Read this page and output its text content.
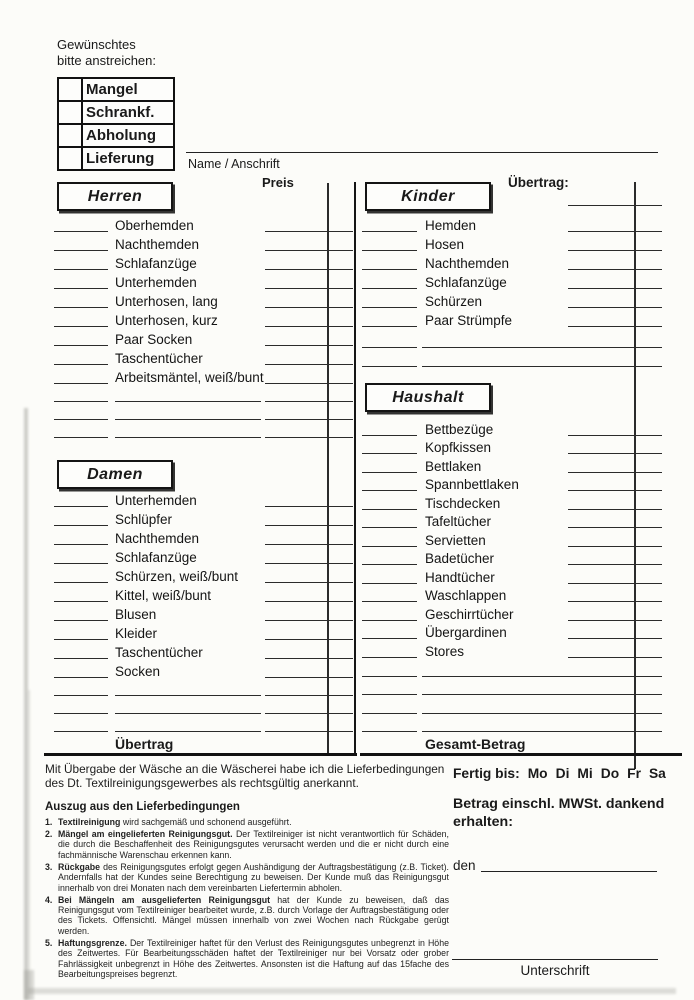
Gewünschtes
bitte anstreichen:
Mangel
Schrankf.
Abholung
Lieferung	Name / Anschrift
Herren
Damen
Kinder
Haushalt
Preis	Übertrag:
Oberhemden
Nachthemden
Schlafanzüge
Unterhemden
Unterhosen, lang
Unterhosen, kurz
Paar Socken
Taschentücher
Arbeitsmäntel, weiß/bunt
Unterhemden
Schlüpfer
Nachthemden
Schlafanzüge
Schürzen, weiß/bunt
Kittel, weiß/bunt
Blusen
Kleider
Taschentücher
Socken
Hemden
Hosen
Nachthemden
Schlafanzüge
Schürzen
Paar Strümpfe
Bettbezüge
Kopfkissen
Bettlaken
Spannbettlaken
Tischdecken
Tafeltücher
Servietten
Badetücher
Handtücher
Waschlappen
Geschirrtücher
Übergardinen
Stores
Übertrag	Gesamt-Betrag
Mit Übergabe der Wäsche an die Wäscherei habe ich die Lieferbedingungen des Dt. Textilreinigungsgewerbes als rechtsgültig anerkannt.
Auszug aus den Lieferbedingungen
1. Textilreinigung wird sachgemäß und schonend ausgeführt.
2. Mängel am eingelieferten Reinigungsgut. Der Textilreiniger ist nicht verantwortlich für Schäden, die durch die Beschaffenheit des Reinigungsgutes verursacht werden und die er nicht durch eine fachmännische Warenschau erkennen kann.
3. Rückgabe des Reinigungsgutes erfolgt gegen Aushändigung der Auftragsbestätigung (z.B. Ticket). Andernfalls hat der Kundes seine Berechtigung zu beweisen. Der Kunde muß das Reinigungsgut innerhalb von drei Monaten nach dem vereinbarten Liefertermin abholen.
4. Bei Mängeln am ausgelieferten Reinigungsgut hat der Kunde zu beweisen, daß das Reinigungsgut vom Textilreiniger bearbeitet wurde, z.B. durch Vorlage der Auftragsbestätigung oder des Tickets. Offensichtl. Mängel müssen innerhalb von zwei Wochen nach Rückgabe gerügt werden.
5. Haftungsgrenze. Der Textilreiniger haftet für den Verlust des Reinigungsgutes unbegrenzt in Höhe des Zeitwertes. Für Bearbeitungsschäden haftet der Textilreiniger nur bei Vorsatz oder grober Fahrlässigkeit unbegrenzt in Höhe des Zeitwertes. Ansonsten ist die Haftung auf das 15fache des Bearbeitungspreises begrenzt.
Fertig bis: Mo Di Mi Do Fr Sa
Betrag einschl. MWSt. dankend
erhalten:
den
Unterschrift
